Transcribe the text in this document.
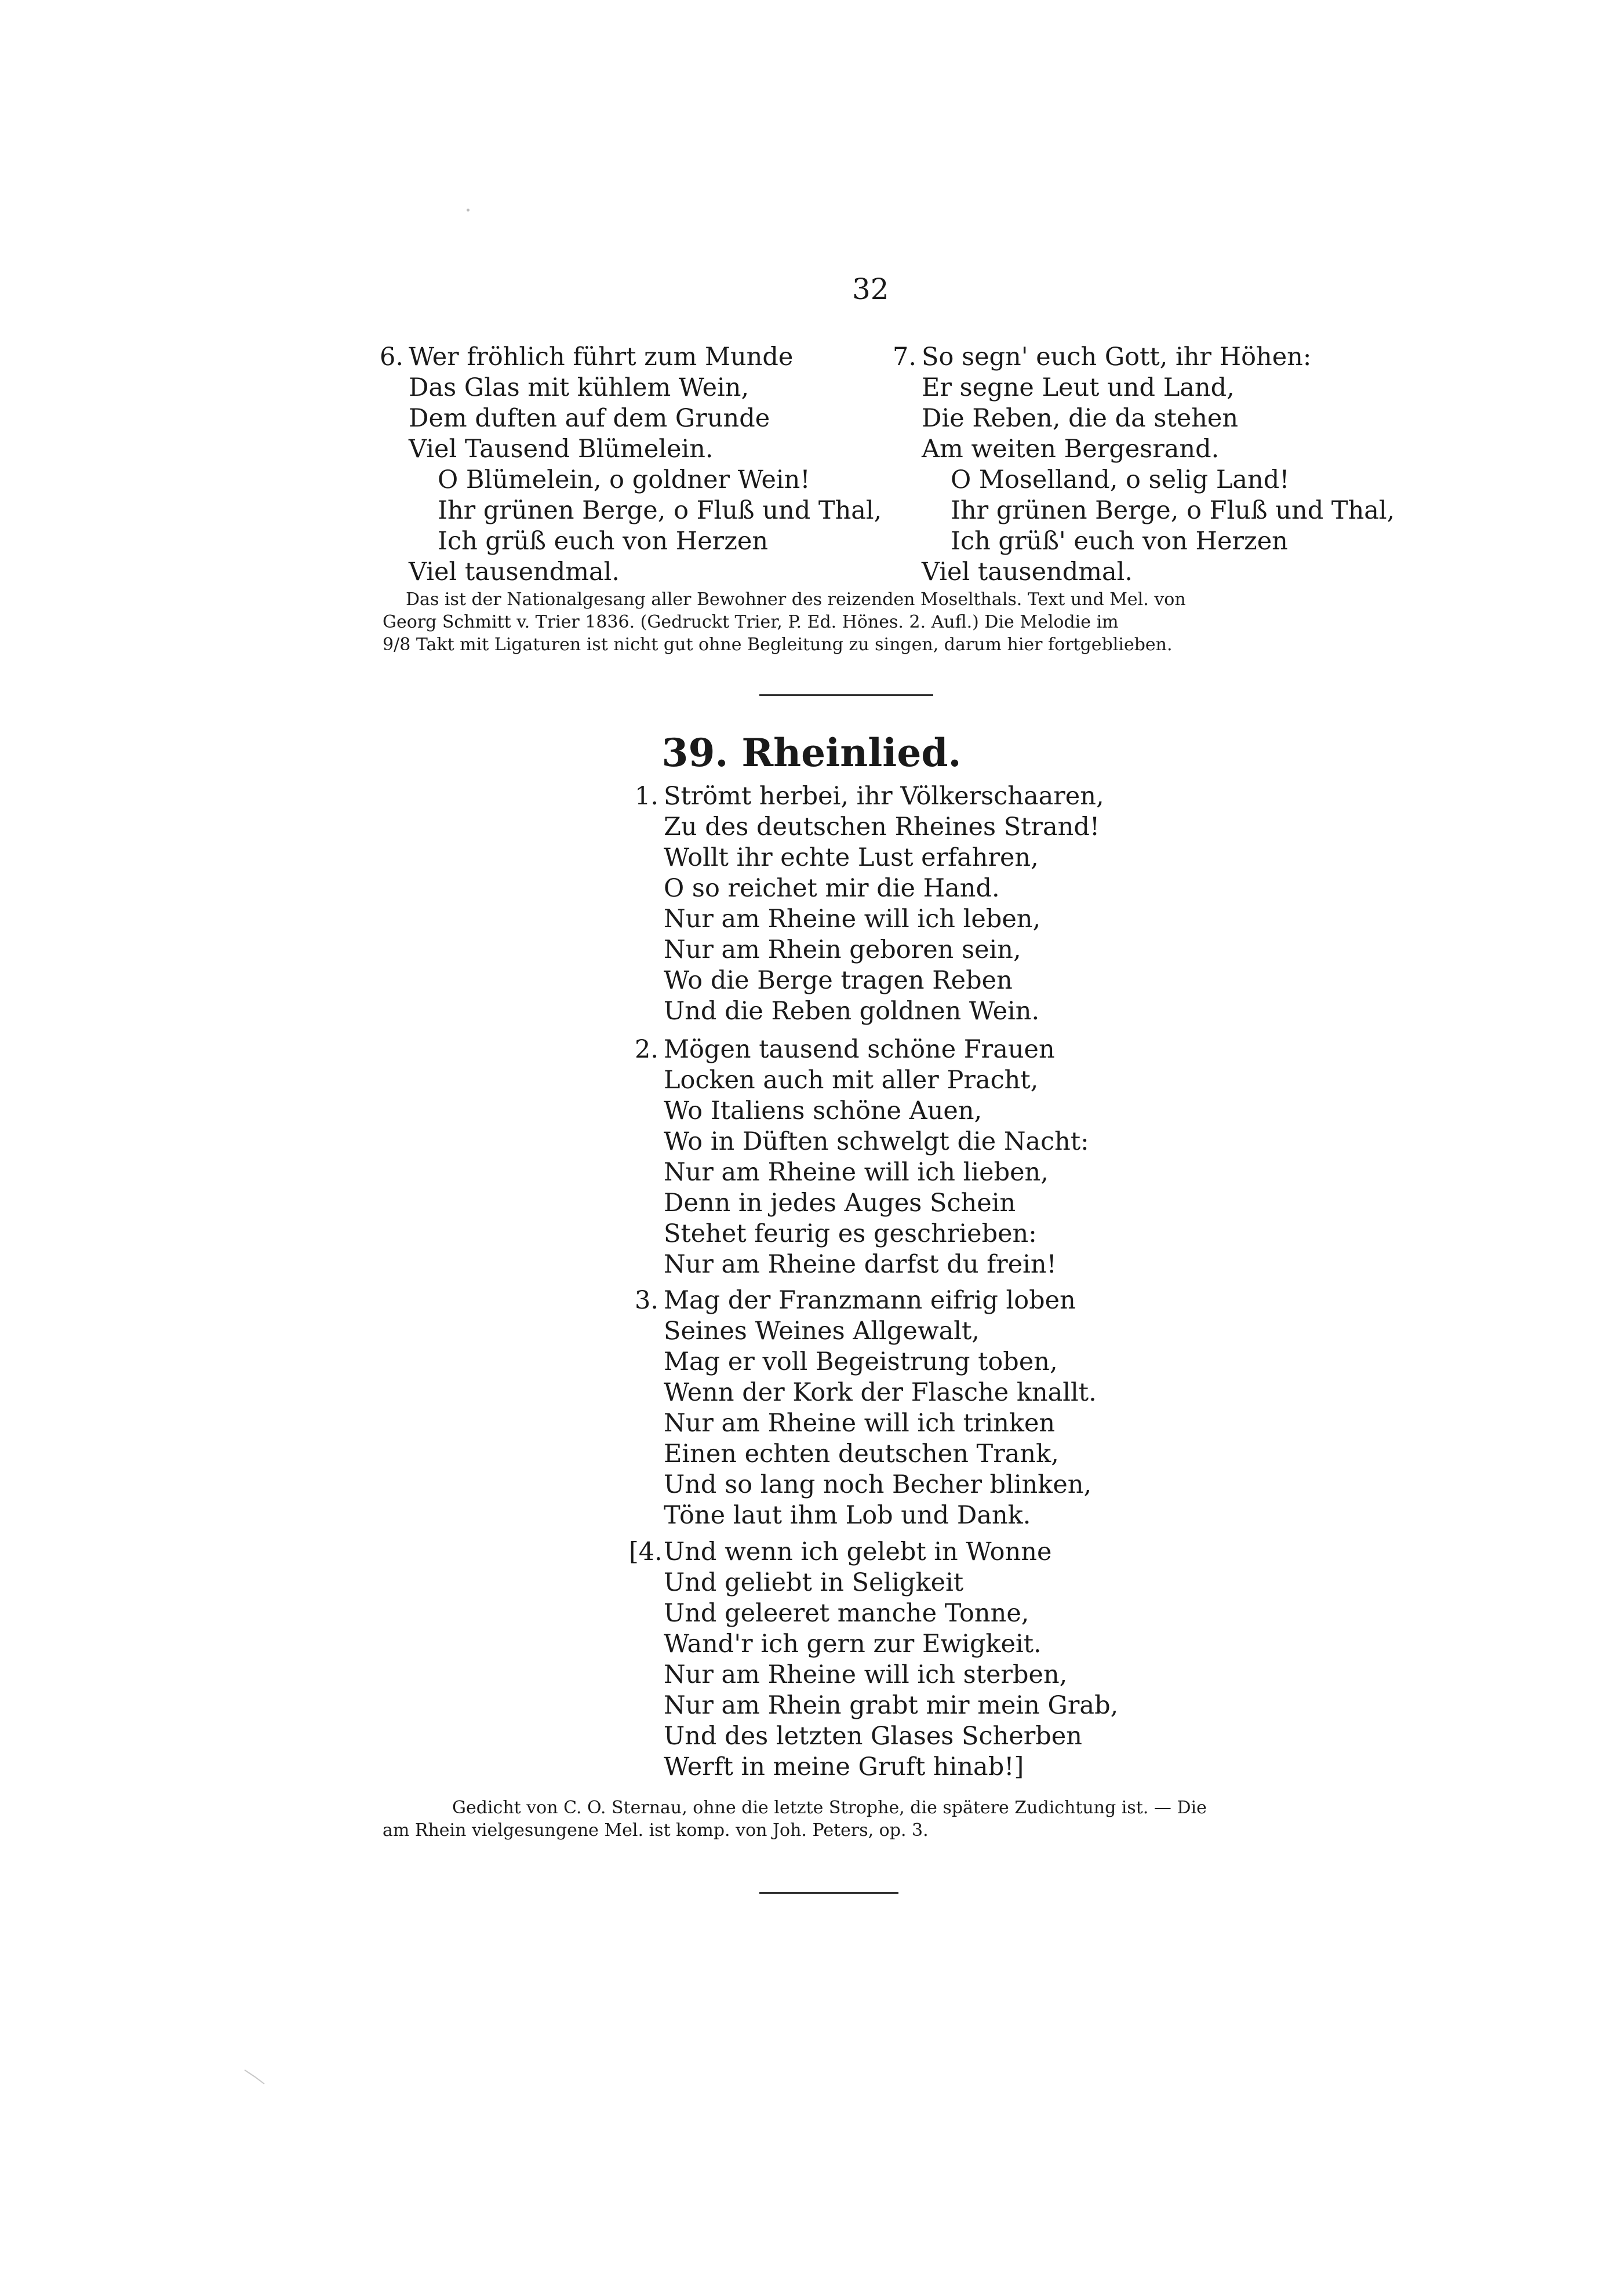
32
6. Wer fröhlich führt zum Munde
Das Glas mit kühlem Wein,
Dem duften auf dem Grunde
Viel Tausend Blümelein.
O Blümelein, o goldner Wein!
Ihr grünen Berge, o Fluß und Thal,
Ich grüß euch von Herzen
Viel tausendmal.
7. So segn' euch Gott, ihr Höhen:
Er segne Leut und Land,
Die Reben, die da stehen
Am weiten Bergesrand.
O Moselland, o selig Land!
Ihr grünen Berge, o Fluß und Thal,
Ich grüß' euch von Herzen
Viel tausendmal.
Das ist der Nationalgesang aller Bewohner des reizenden Moselthals. Text und Mel. von
Georg Schmitt v. Trier 1836. (Gedruckt Trier, P. Ed. Hönes. 2. Aufl.) Die Melodie im
9/8 Takt mit Ligaturen ist nicht gut ohne Begleitung zu singen, darum hier fortgeblieben.
39. Rheinlied.
1. Strömt herbei, ihr Völkerschaaren,
Zu des deutschen Rheines Strand!
Wollt ihr echte Lust erfahren,
O so reichet mir die Hand.
Nur am Rheine will ich leben,
Nur am Rhein geboren sein,
Wo die Berge tragen Reben
Und die Reben goldnen Wein.
2. Mögen tausend schöne Frauen
Locken auch mit aller Pracht,
Wo Italiens schöne Auen,
Wo in Düften schwelgt die Nacht:
Nur am Rheine will ich lieben,
Denn in jedes Auges Schein
Stehet feurig es geschrieben:
Nur am Rheine darfst du frein!
3. Mag der Franzmann eifrig loben
Seines Weines Allgewalt,
Mag er voll Begeistrung toben,
Wenn der Kork der Flasche knallt.
Nur am Rheine will ich trinken
Einen echten deutschen Trank,
Und so lang noch Becher blinken,
Töne laut ihm Lob und Dank.
[4.Und wenn ich gelebt in Wonne
Und geliebt in Seligkeit
Und geleeret manche Tonne,
Wand'r ich gern zur Ewigkeit.
Nur am Rheine will ich sterben,
Nur am Rhein grabt mir mein Grab,
Und des letzten Glases Scherben
Werft in meine Gruft hinab!]
Gedicht von C. O. Sternau, ohne die letzte Strophe, die spätere Zudichtung ist. — Die
am Rhein vielgesungene Mel. ist komp. von Joh. Peters, op. 3.
